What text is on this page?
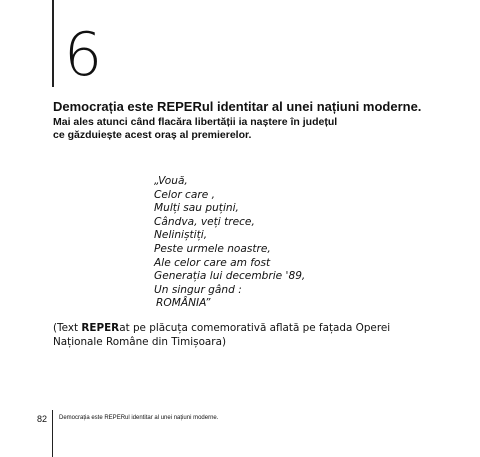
6
Democrația este REPERul identitar al unei națiuni moderne.
Mai ales atunci când flacăra libertății ia naștere în județul
ce găzduiește acest oraș al premierelor.
„Vouă,
Celor care ,
Mulți sau puțini,
Cândva, veți trece,
Neliniștiți,
Peste urmele noastre,
Ale celor care am fost
Generația lui decembrie '89,
Un singur gând :
ROMÂNIA”
(Text REPERat pe plăcuța comemorativă aflată pe fațada Operei
Naționale Române din Timișoara)
82 Democrația este REPERul identitar al unei națiuni moderne.
